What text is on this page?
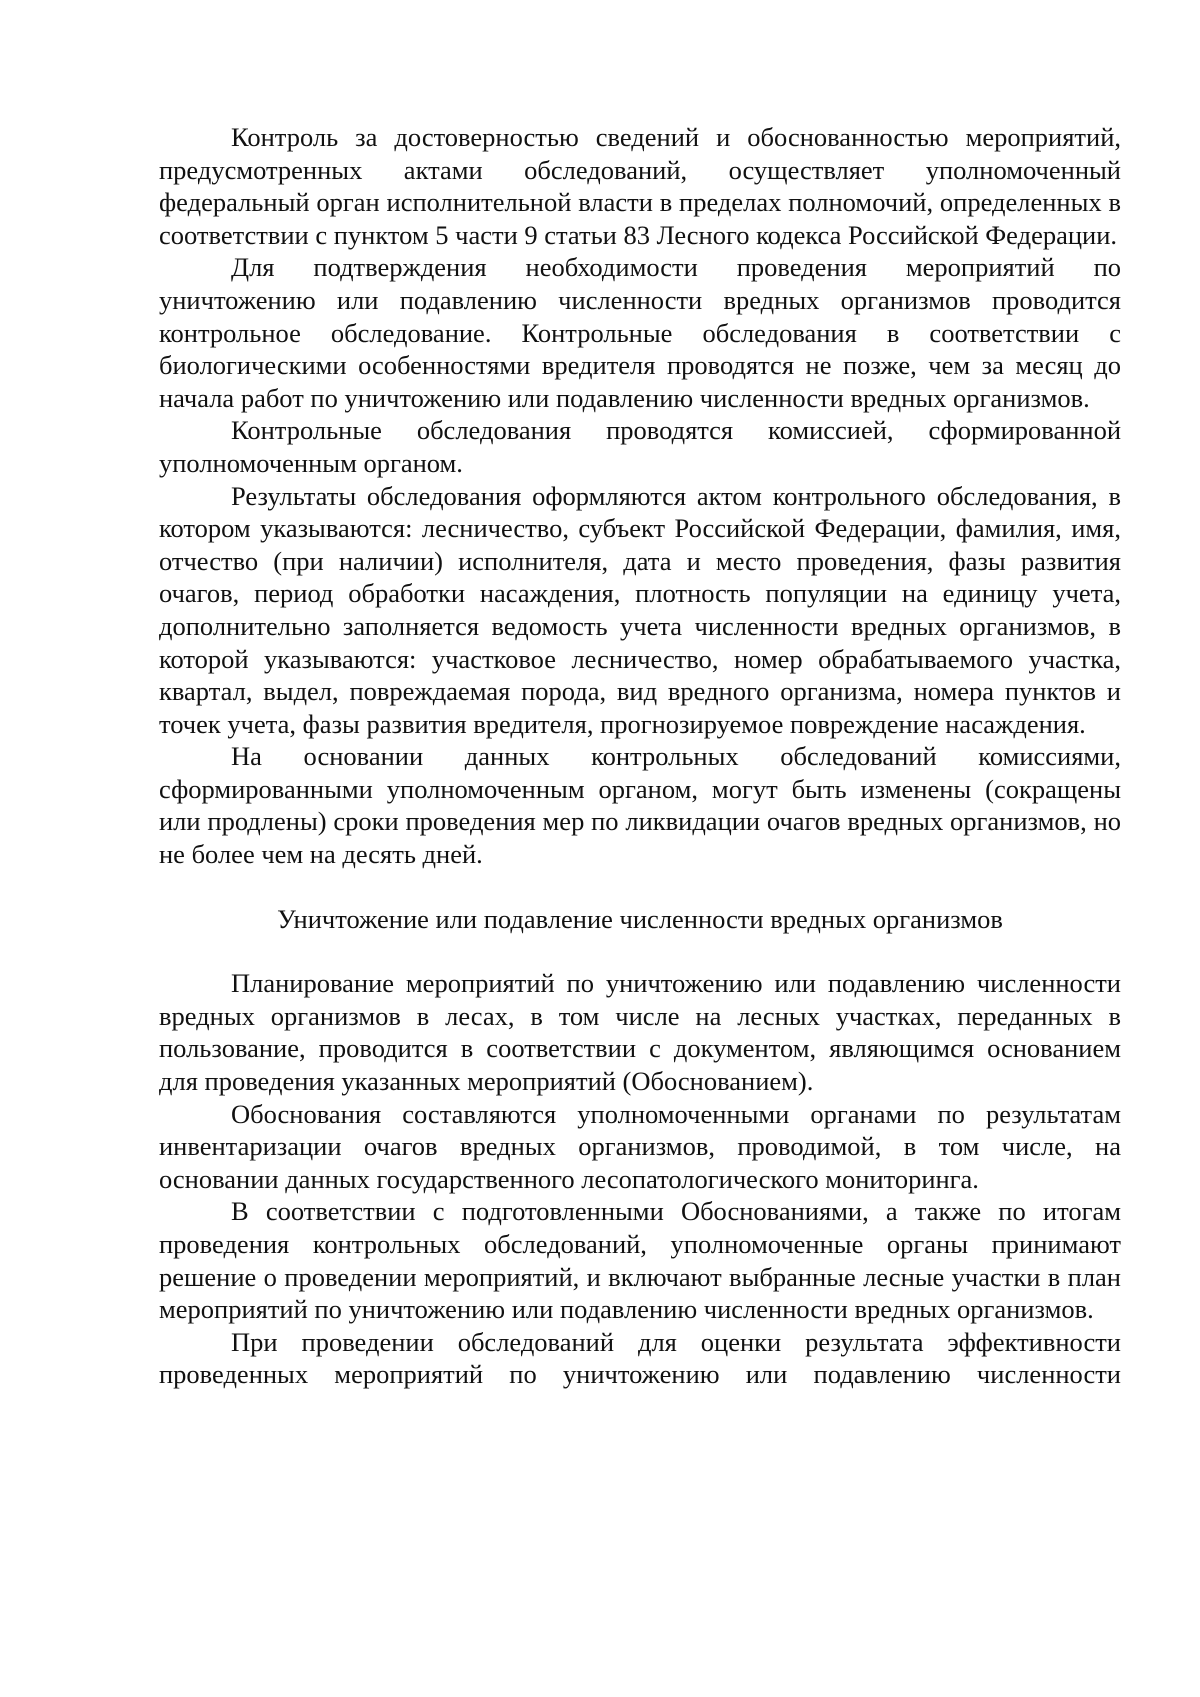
Контроль за достоверностью сведений и обоснованностью мероприятий, предусмотренных актами обследований, осуществляет уполномоченный федеральный орган исполнительной власти в пределах полномочий, определенных в соответствии с пунктом 5 части 9 статьи 83 Лесного кодекса Российской Федерации.

Для подтверждения необходимости проведения мероприятий по уничтожению или подавлению численности вредных организмов проводится контрольное обследование. Контрольные обследования в соответствии с биологическими особенностями вредителя проводятся не позже, чем за месяц до начала работ по уничтожению или подавлению численности вредных организмов.

Контрольные обследования проводятся комиссией, сформированной уполномоченным органом.

Результаты обследования оформляются актом контрольного обследования, в котором указываются: лесничество, субъект Российской Федерации, фамилия, имя, отчество (при наличии) исполнителя, дата и место проведения, фазы развития очагов, период обработки насаждения, плотность популяции на единицу учета, дополнительно заполняется ведомость учета численности вредных организмов, в которой указываются: участковое лесничество, номер обрабатываемого участка, квартал, выдел, повреждаемая порода, вид вредного организма, номера пунктов и точек учета, фазы развития вредителя, прогнозируемое повреждение насаждения.

На основании данных контрольных обследований комиссиями, сформированными уполномоченным органом, могут быть изменены (сокращены или продлены) сроки проведения мер по ликвидации очагов вредных организмов, но не более чем на десять дней.

Уничтожение или подавление численности вредных организмов

Планирование мероприятий по уничтожению или подавлению численности вредных организмов в лесах, в том числе на лесных участках, переданных в пользование, проводится в соответствии с документом, являющимся основанием для проведения указанных мероприятий (Обоснованием).

Обоснования составляются уполномоченными органами по результатам инвентаризации очагов вредных организмов, проводимой, в том числе, на основании данных государственного лесопатологического мониторинга.

В соответствии с подготовленными Обоснованиями, а также по итогам проведения контрольных обследований, уполномоченные органы принимают решение о проведении мероприятий, и включают выбранные лесные участки в план мероприятий по уничтожению или подавлению численности вредных организмов.

При проведении обследований для оценки результата эффективности проведенных мероприятий по уничтожению или подавлению численности
